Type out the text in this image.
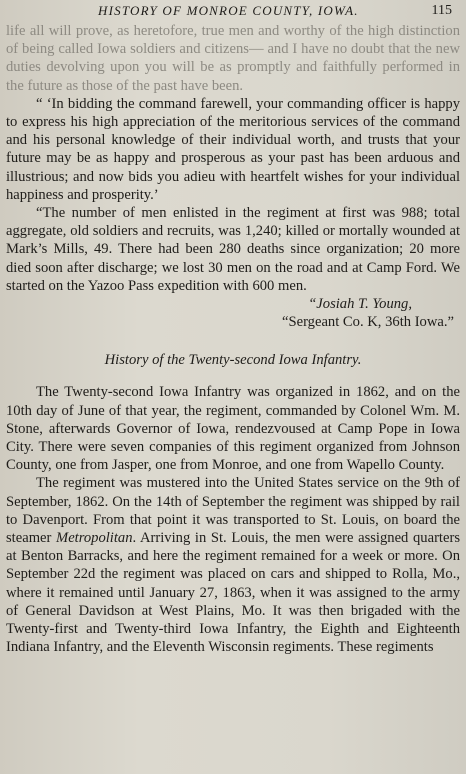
HISTORY OF MONROE COUNTY, IOWA.	115

life all will prove, as heretofore, true men and worthy of the high distinction of being called Iowa soldiers and citizens— and I have no doubt that the new duties devolving upon you will be as promptly and faithfully performed in the future as those of the past have been.

“ ‘In bidding the command farewell, your commanding officer is happy to express his high appreciation of the meritorious services of the command and his personal knowledge of their individual worth, and trusts that your future may be as happy and prosperous as your past has been arduous and illustrious; and now bids you adieu with heartfelt wishes for your individual happiness and prosperity.’

“The number of men enlisted in the regiment at first was 988; total aggregate, old soldiers and recruits, was 1,240; killed or mortally wounded at Mark’s Mills, 49. There had been 280 deaths since organization; 20 more died soon after discharge; we lost 30 men on the road and at Camp Ford. We started on the Yazoo Pass expedition with 600 men.

“Josiah T. Young,

“Sergeant Co. K, 36th Iowa.”

History of the Twenty-second Iowa Infantry.

The Twenty-second Iowa Infantry was organized in 1862, and on the 10th day of June of that year, the regiment, commanded by Colonel Wm. M. Stone, afterwards Governor of Iowa, rendezvoused at Camp Pope in Iowa City. There were seven companies of this regiment organized from Johnson County, one from Jasper, one from Monroe, and one from Wapello County.

The regiment was mustered into the United States service on the 9th of September, 1862. On the 14th of September the regiment was shipped by rail to Davenport. From that point it was transported to St. Louis, on board the steamer Metropolitan. Arriving in St. Louis, the men were assigned quarters at Benton Barracks, and here the regiment remained for a week or more. On September 22d the regiment was placed on cars and shipped to Rolla, Mo., where it remained until January 27, 1863, when it was assigned to the army of General Davidson at West Plains, Mo. It was then brigaded with the Twenty-first and Twenty-third Iowa Infantry, the Eighth and Eighteenth Indiana Infantry, and the Eleventh Wisconsin regiments. These regiments
